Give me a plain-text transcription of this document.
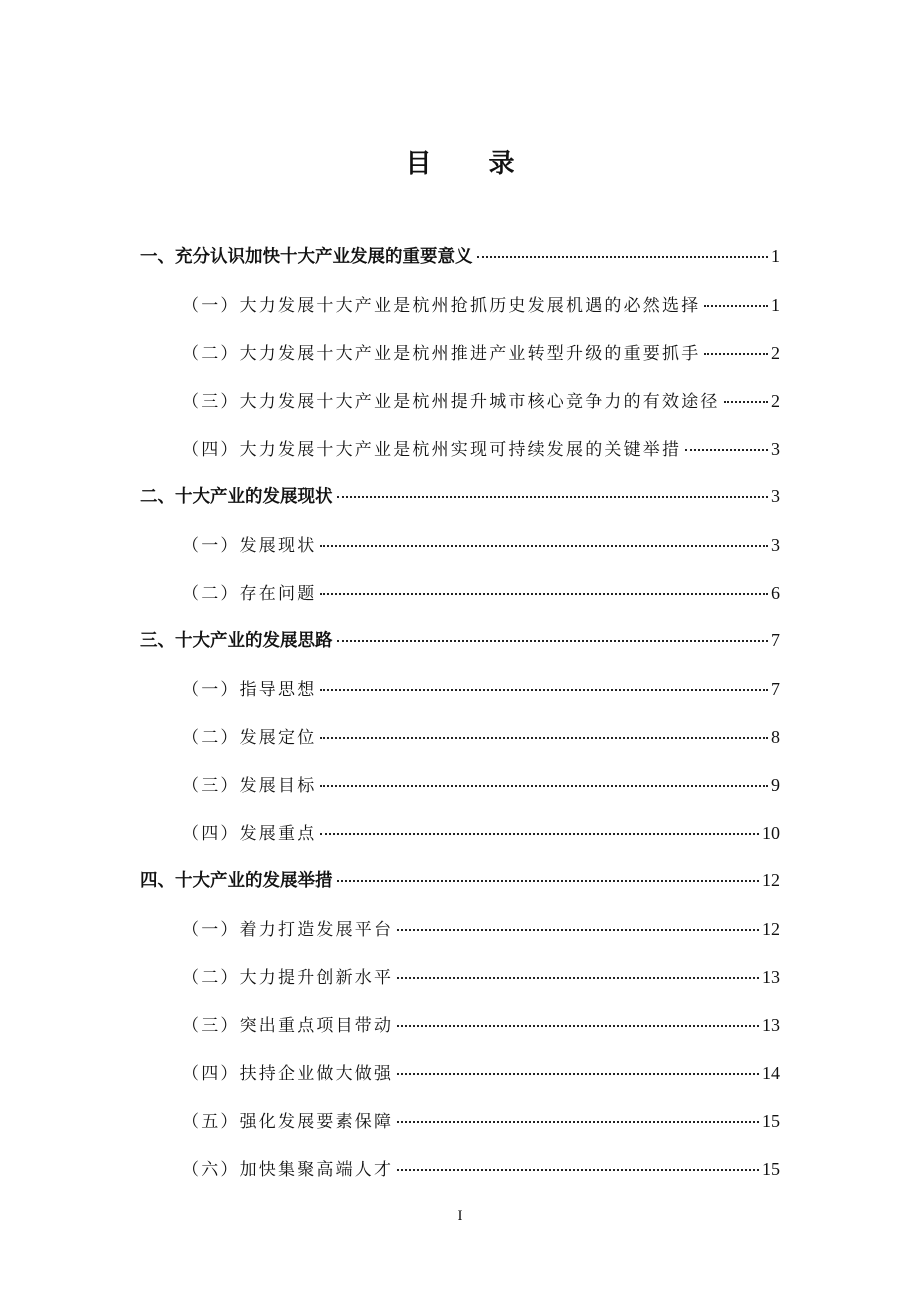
目 录
一、充分认识加快十大产业发展的重要意义	1
（一）大力发展十大产业是杭州抢抓历史发展机遇的必然选择	1
（二）大力发展十大产业是杭州推进产业转型升级的重要抓手	2
（三）大力发展十大产业是杭州提升城市核心竞争力的有效途径	2
（四）大力发展十大产业是杭州实现可持续发展的关键举措	3
二、十大产业的发展现状	3
（一）发展现状	3
（二）存在问题	6
三、十大产业的发展思路	7
（一）指导思想	7
（二）发展定位	8
（三）发展目标	9
（四）发展重点	10
四、十大产业的发展举措	12
（一）着力打造发展平台	12
（二）大力提升创新水平	13
（三）突出重点项目带动	13
（四）扶持企业做大做强	14
（五）强化发展要素保障	15
（六）加快集聚高端人才	15
I
